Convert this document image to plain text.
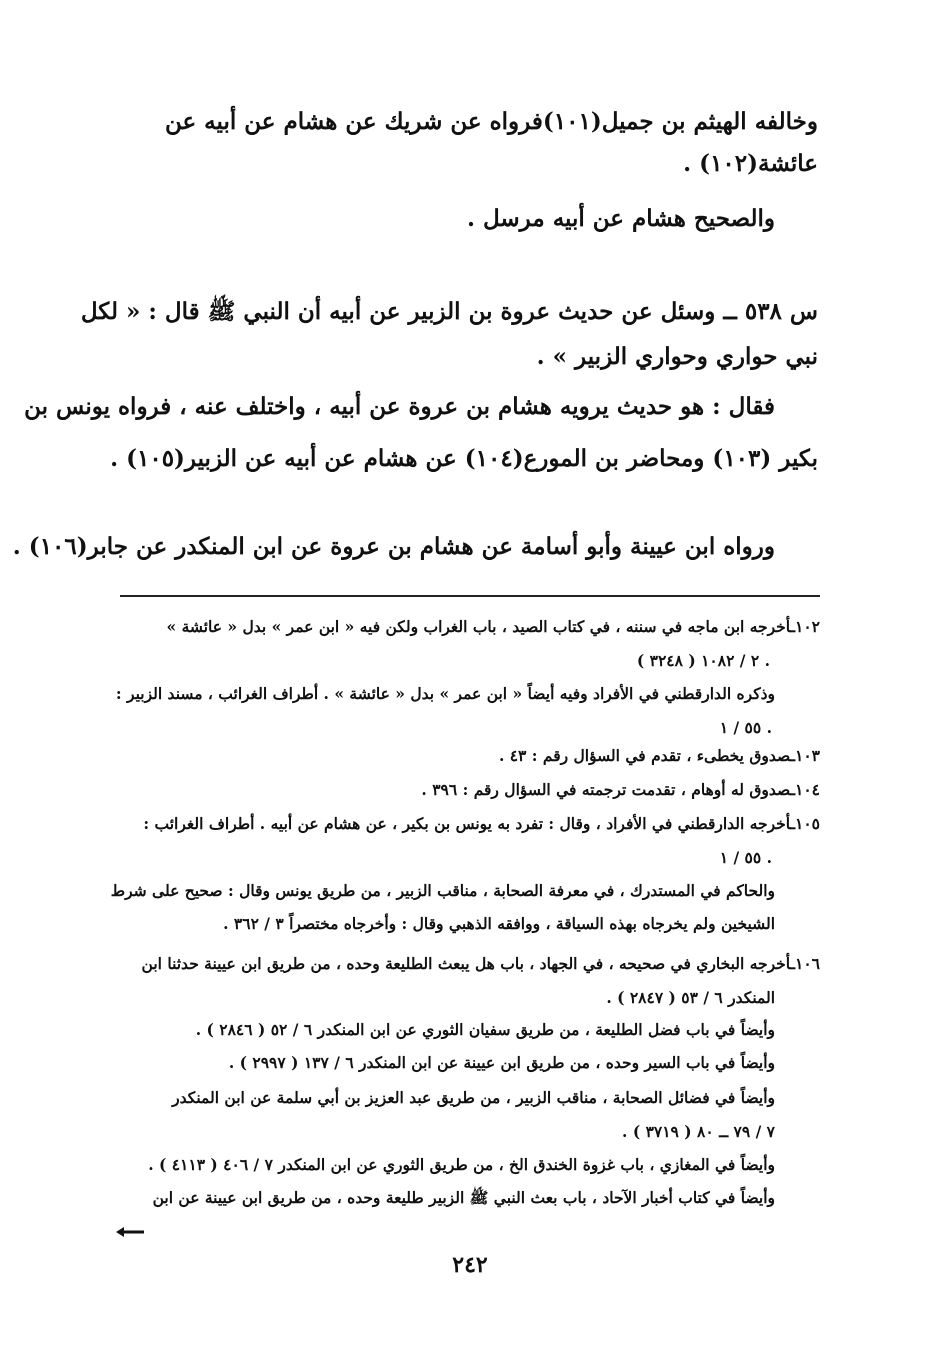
وخالفه الهيثم بن جميل(١٠١)فرواه عن شريك عن هشام عن أبيه عن
عائشة(١٠٢) .
والصحيح هشام عن أبيه مرسل .
س ٥٣٨ ــ وسئل عن حديث عروة بن الزبير عن أبيه أن النبي ﷺ قال : « لكل
نبي حواري وحواري الزبير » .
فقال : هو حديث يرويه هشام بن عروة عن أبيه ، واختلف عنه ، فرواه يونس بن
بكير (١٠٣) ومحاضر بن المورع(١٠٤) عن هشام عن أبيه عن الزبير(١٠٥) .
ورواه ابن عيينة وأبو أسامة عن هشام بن عروة عن ابن المنكدر عن جابر(١٠٦) .
١٠٢ـأخرجه ابن ماجه في سننه ، في كتاب الصيد ، باب الغراب ولكن فيه « ابن عمر » بدل « عائشة »
٢ / ١٠٨٢ ( ٣٢٤٨ ) .
وذكره الدارقطني في الأفراد وفيه أيضاً « ابن عمر » بدل « عائشة » . أطراف الغرائب ، مسند الزبير :
٥٥ / ١ .
١٠٣ـصدوق يخطىء ، تقدم في السؤال رقم : ٤٣ .
١٠٤ـصدوق له أوهام ، تقدمت ترجمته في السؤال رقم : ٣٩٦ .
١٠٥ـأخرجه الدارقطني في الأفراد ، وقال : تفرد به يونس بن بكير ، عن هشام عن أبيه . أطراف الغرائب :
٥٥ / ١ .
والحاكم في المستدرك ، في معرفة الصحابة ، مناقب الزبير ، من طريق يونس وقال : صحيح على شرط
الشيخين ولم يخرجاه بهذه السياقة ، ووافقه الذهبي وقال : وأخرجاه مختصراً ٣ / ٣٦٢ .
١٠٦ـأخرجه البخاري في صحيحه ، في الجهاد ، باب هل يبعث الطليعة وحده ، من طريق ابن عيينة حدثنا ابن
المنكدر ٦ / ٥٣ ( ٢٨٤٧ ) .
وأيضاً في باب فضل الطليعة ، من طريق سفيان الثوري عن ابن المنكدر ٦ / ٥٢ ( ٢٨٤٦ ) .
وأيضاً في باب السير وحده ، من طريق ابن عيينة عن ابن المنكدر ٦ / ١٣٧ ( ٢٩٩٧ ) .
وأيضاً في فضائل الصحابة ، مناقب الزبير ، من طريق عبد العزيز بن أبي سلمة عن ابن المنكدر
٧ / ٧٩ ــ ٨٠ ( ٣٧١٩ ) .
وأيضاً في المغازي ، باب غزوة الخندق الخ ، من طريق الثوري عن ابن المنكدر ٧ / ٤٠٦ ( ٤١١٣ ) .
وأيضاً في كتاب أخبار الآحاد ، باب بعث النبي ﷺ الزبير طليعة وحده ، من طريق ابن عيينة عن ابن
٢٤٢
